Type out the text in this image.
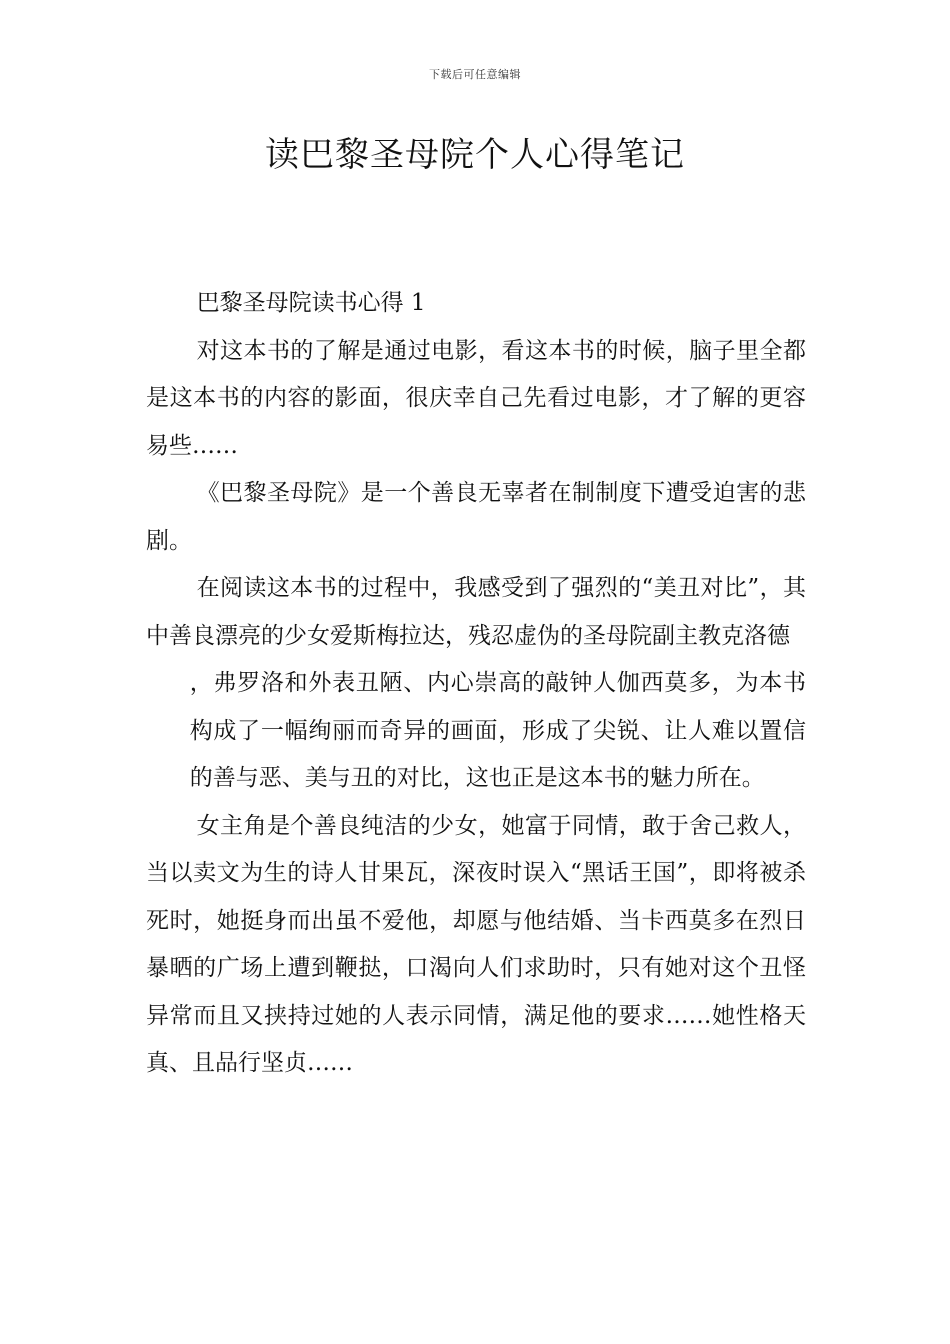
下载后可任意编辑
读巴黎圣母院个人心得笔记

巴黎圣母院读书心得 1

对这本书的了解是通过电影，看这本书的时候，脑子里全都是这本书的内容的影面，很庆幸自己先看过电影，才了解的更容易些……

《巴黎圣母院》是一个善良无辜者在制制度下遭受迫害的悲剧。

在阅读这本书的过程中，我感受到了强烈的“美丑对比”，其中善良漂亮的少女爱斯梅拉达，残忍虚伪的圣母院副主教克洛德

，弗罗洛和外表丑陋、内心崇高的敲钟人伽西莫多，为本书构成了一幅绚丽而奇异的画面，形成了尖锐、让人难以置信的善与恶、美与丑的对比，这也正是这本书的魅力所在。

女主角是个善良纯洁的少女，她富于同情，敢于舍己救人，当以卖文为生的诗人甘果瓦，深夜时误入“黑话王国”，即将被杀死时，她挺身而出虽不爱他，却愿与他结婚、当卡西莫多在烈日暴晒的广场上遭到鞭挞，口渴向人们求助时，只有她对这个丑怪异常而且又挟持过她的人表示同情，满足他的要求……她性格天真、且品行坚贞……
